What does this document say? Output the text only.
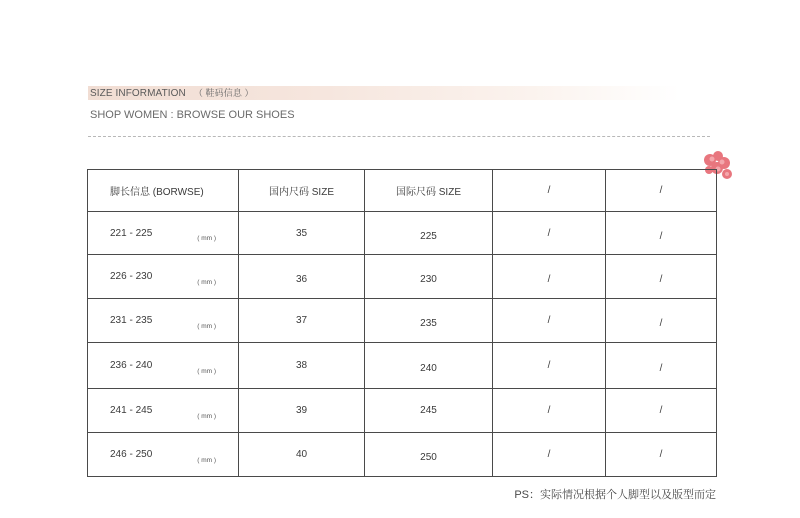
SIZE INFORMATION （ 鞋码信息 ）
SHOP WOMEN : BROWSE OUR SHOES
脚长信息 (BORWSE)	国内尺码 SIZE	国际尺码 SIZE	/	/
221 - 225 ( mm )	35	225	/	/
226 - 230 ( mm )	36	230	/	/
231 - 235 ( mm )	37	235	/	/
236 - 240 ( mm )	38	240	/	/
241 - 245 ( mm )	39	245	/	/
246 - 250 ( mm )	40	250	/	/
PS：实际情况根据个人脚型以及版型而定
